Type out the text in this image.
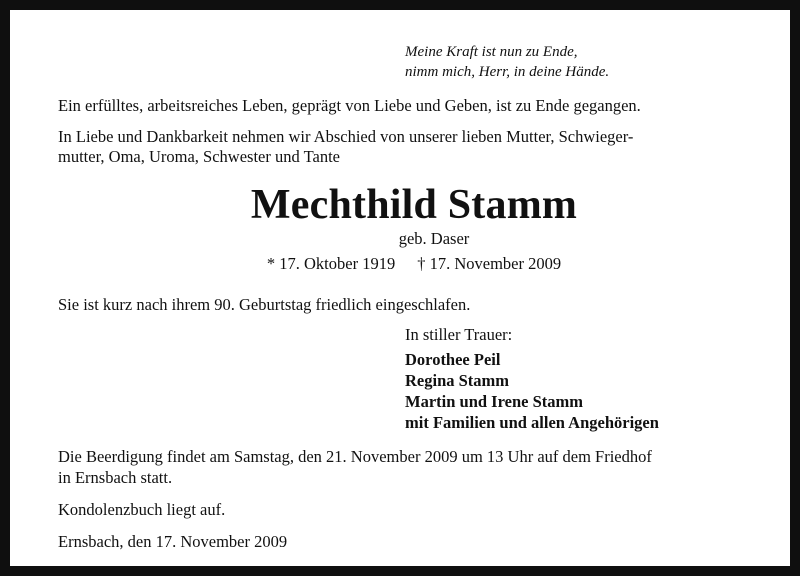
Meine Kraft ist nun zu Ende,

nimm mich, Herr, in deine Hände.

Ein erfülltes, arbeitsreiches Leben, geprägt von Liebe und Geben, ist zu Ende gegangen.

In Liebe und Dankbarkeit nehmen wir Abschied von unserer lieben Mutter, Schwieger-

mutter, Oma, Uroma, Schwester und Tante

Mechthild Stamm

geb. Daser

* 17. Oktober 1919 † 17. November 2009

Sie ist kurz nach ihrem 90. Geburtstag friedlich eingeschlafen.

In stiller Trauer:

Dorothee Peil

Regina Stamm

Martin und Irene Stamm

mit Familien und allen Angehörigen

Die Beerdigung findet am Samstag, den 21. November 2009 um 13 Uhr auf dem Friedhof

in Ernsbach statt.

Kondolenzbuch liegt auf.

Ernsbach, den 17. November 2009
